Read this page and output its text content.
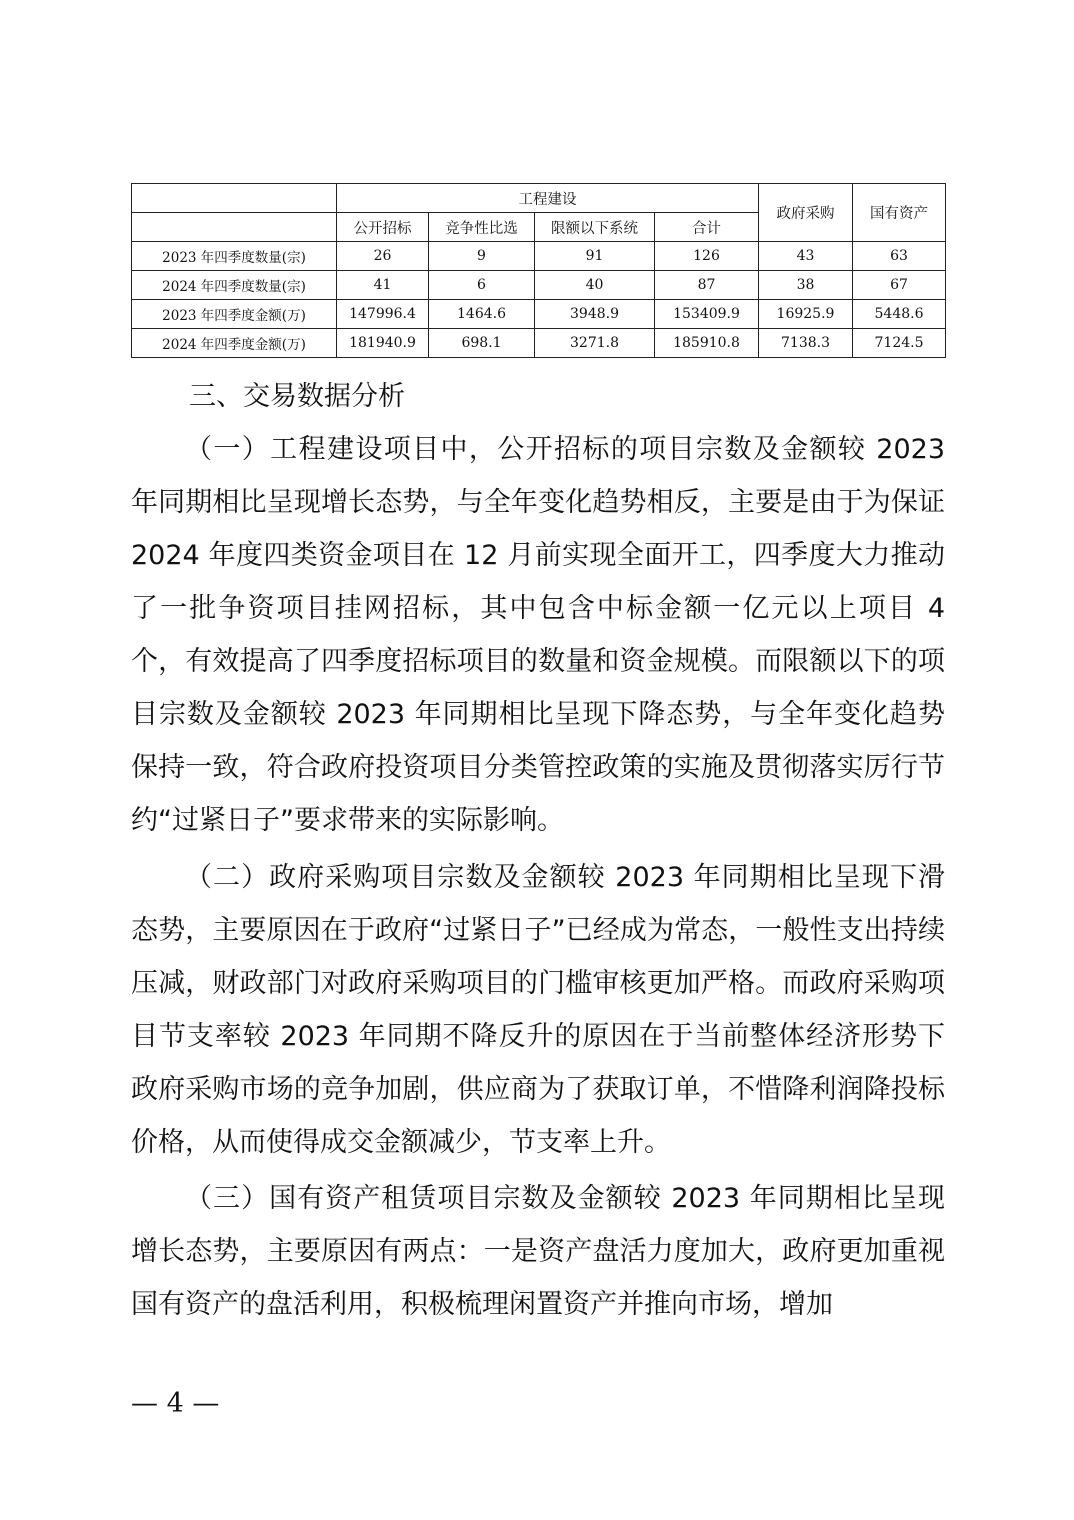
	工程建设				政府采购	国有资产
	公开招标	竞争性比选	限额以下系统	合计		
2023 年四季度数量(宗)	26	9	91	126	43	63
2024 年四季度数量(宗)	41	6	40	87	38	67
2023 年四季度金额(万)	147996.4	1464.6	3948.9	153409.9	16925.9	5448.6
2024 年四季度金额(万)	181940.9	698.1	3271.8	185910.8	7138.3	7124.5

三、交易数据分析

（一）工程建设项目中，公开招标的项目宗数及金额较 2023 年同期相比呈现增长态势，与全年变化趋势相反，主要是由于为保证 2024 年度四类资金项目在 12 月前实现全面开工，四季度大力推动了一批争资项目挂网招标，其中包含中标金额一亿元以上项目 4 个，有效提高了四季度招标项目的数量和资金规模。而限额以下的项目宗数及金额较 2023 年同期相比呈现下降态势，与全年变化趋势保持一致，符合政府投资项目分类管控政策的实施及贯彻落实厉行节约“过紧日子”要求带来的实际影响。

（二）政府采购项目宗数及金额较 2023 年同期相比呈现下滑态势，主要原因在于政府“过紧日子”已经成为常态，一般性支出持续压减，财政部门对政府采购项目的门槛审核更加严格。而政府采购项目节支率较 2023 年同期不降反升的原因在于当前整体经济形势下政府采购市场的竞争加剧，供应商为了获取订单，不惜降利润降投标价格，从而使得成交金额减少，节支率上升。

（三）国有资产租赁项目宗数及金额较 2023 年同期相比呈现增长态势，主要原因有两点：一是资产盘活力度加大，政府更加重视国有资产的盘活利用，积极梳理闲置资产并推向市场，增加

— 4 —
